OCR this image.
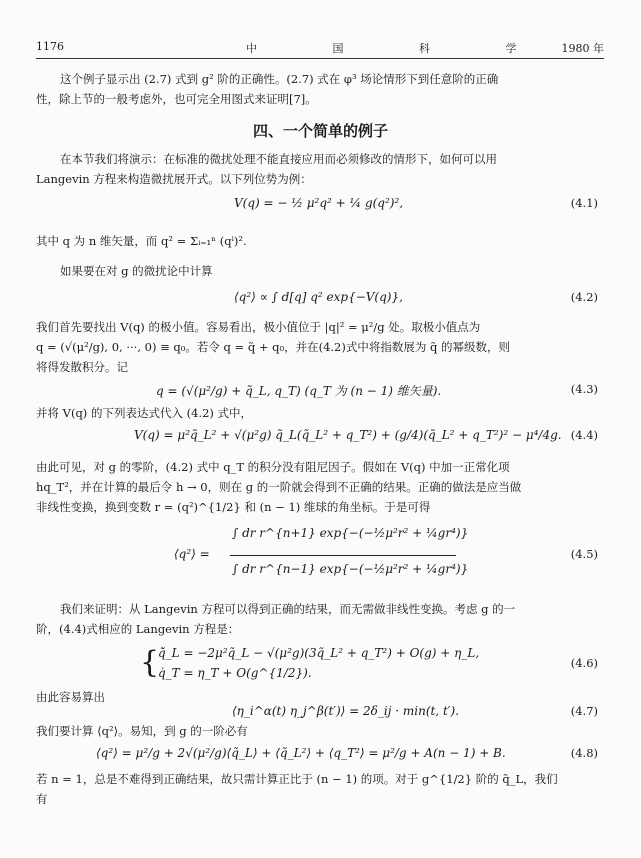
1176	中 国 科 学 1980 年
这个例子显示出 (2.7) 式到 g² 阶的正确性。(2.7) 式在 φ³ 场论情形下到任意阶的正确
性，除上节的一般考虑外，也可完全用图式来证明[7]。
四、一个简单的例子
在本节我们将演示：在标准的微扰处理不能直接应用而必须修改的情形下，如何可以用
Langevin 方程来构造微扰展开式。以下列位势为例：
V(q) = − ½ μ²q² + ¼ g(q²)²,	(4.1)
其中 q 为 n 维矢量，而 q² = Σᵢ₌₁ⁿ (qⁱ)².
如果要在对 g 的微扰论中计算
⟨q²⟩ ∝ ∫ d[q] q² exp{−V(q)},	(4.2)
我们首先要找出 V(q) 的极小值。容易看出，极小值位于 |q|² = μ²/g 处。取极小值点为
q = (√(μ²/g), 0, ···, 0) ≡ q₀。若令 q = q̃ + q₀，并在(4.2)式中将指数展为 q̃ 的幂级数，则
将得发散积分。记
q = (√(μ²/g) + q̃_L, q_T) (q_T 为 (n − 1) 维矢量).	(4.3)
并将 V(q) 的下列表达式代入 (4.2) 式中，
V(q) = μ²q̃_L² + √(μ²g) q̃_L(q̃_L² + q_T²) + (g/4)(q̃_L² + q_T²)² − μ⁴/4g. (4.4)
由此可见，对 g 的零阶，(4.2) 式中 q_T 的积分没有阻尼因子。假如在 V(q) 中加一正常化项
hq_T²，并在计算的最后令 h → 0，则在 g 的一阶就会得到不正确的结果。正确的做法是应当做
非线性变换，换到变数 r = (q²)^{1/2} 和 (n − 1) 维球的角坐标。于是可得
⟨q²⟩ =
∫ dr r^{n+1} exp{−(−½μ²r² + ¼gr⁴)}
∫ dr r^{n−1} exp{−(−½μ²r² + ¼gr⁴)}
(4.5)
我们来证明：从 Langevin 方程可以得到正确的结果，而无需做非线性变换。考虑 g 的一
阶，(4.4)式相应的 Langevin 方程是：
{
q̃̇_L = −2μ²q̃_L − √(μ²g)(3q̃_L² + q_T²) + O(g) + η_L,
q̇_T = η_T + O(g^{1/2}).
(4.6)
由此容易算出
⟨η_i^α(t) η_j^β(t′)⟩ = 2δ_ij · min(t, t′).	(4.7)
我们要计算 ⟨q²⟩。易知，到 g 的一阶必有
⟨q²⟩ = μ²/g + 2√(μ²/g)⟨q̃_L⟩ + ⟨q̃_L²⟩ + ⟨q_T²⟩ = μ²/g + A(n − 1) + B.	(4.8)
若 n = 1，总是不难得到正确结果，故只需计算正比于 (n − 1) 的项。对于 g^{1/2} 阶的 q̃_L，我们
有
